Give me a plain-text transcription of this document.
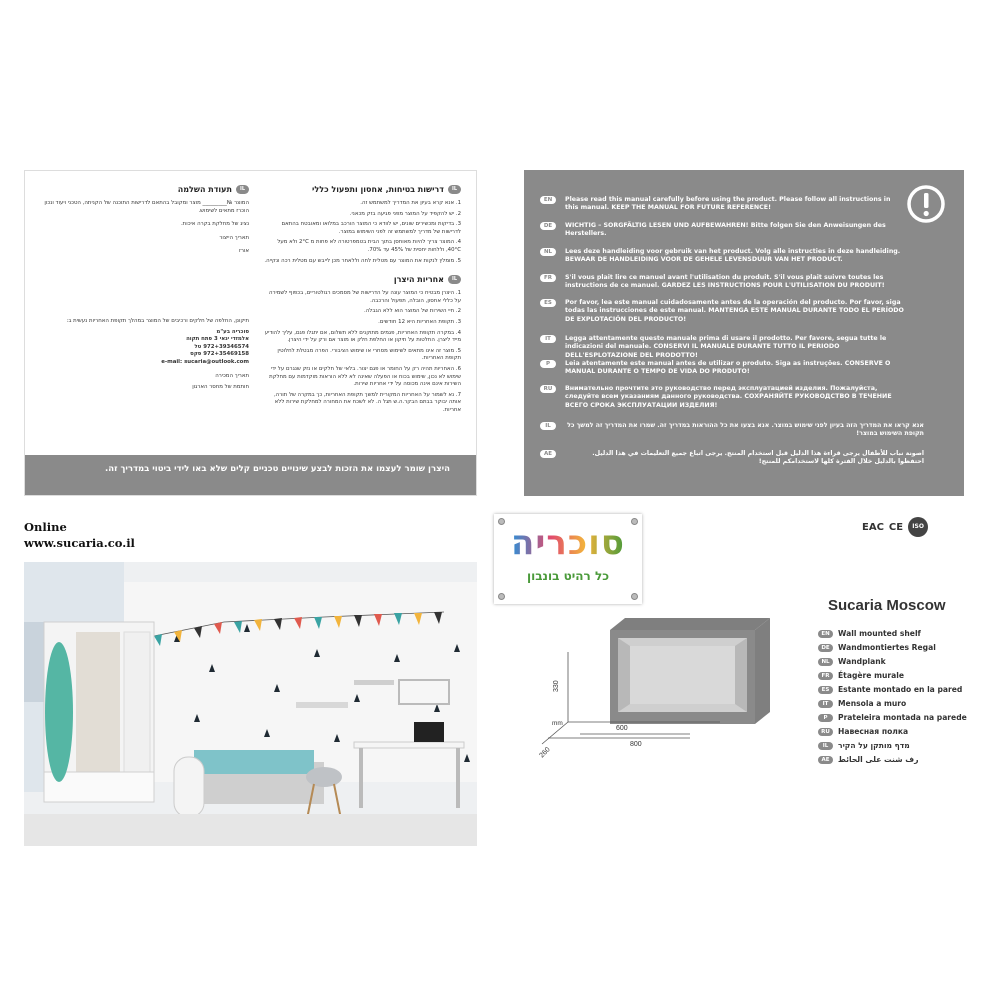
IL
דרישות בטיחות, אחסון ותפעול כללי

1. אנא קרא בעיון את המדריך למשתמש זה.

2. יש להקפיד על המוצר מפני פגיעה בזק מכאני.

3. בדיקות ומכשירים שונים, יש לוודא כי המוצר הורכב במלואו ומאובטח בהתאם לדרישות של מדריך למשתמש זה לפני השימוש במוצר.

4. המוצר צריך להיות מאוחסן בתוך הבית בטמפרטורה לא פחות מ 2°C ולא מעל 40°C, וללחות יחסית של 45% עד 70%.

5. מומלץ לנקות את המוצר עם מטלית לחה וללאחר מכן לייבש עם מטלית רכה ונקייה.

IL
אחריות היצרן

1. היצרן מבטיח כי המוצר עונה על הדרישות של מסמכים רגולטוריים, בכפוף לשמירה על כללי אחסון, הובלה, תפעול והרכבה.

2. חיי השירות של המוצר הוא ללא הגבלה.

3. תקופת האחריות היא 12 חודשים.

4. במקרה תקופת האחריות, פגמים מתוקנים ללא תשלום, אם יתגלו פגם, עליך להודיע מייד ליצרן. החלטות על תיקון או החלפת חלק או מוצר אם ורק על ידי היצרן.

5. מוצר זה אינו מתאים לשימוש מסחרי או שימוש הציבורי. הפרה מבטלת לחלוטין תקופת האחריות.

6. האחריות תהיה רק על החומר או פגם יצור. בלאי של חלקים או נזק שנגרם על ידי שימוש לא נכון, שימוש בכוח או הפעלה שאינה לא ללא הוראות מוקדמות עם מחלקת השירות אינם אינה מכוסה על ידי אחריות שירות.

7. נא לשמור על האחריות המקורית למשך תקופת האחריות, כך במקרה של תורה, אותה יבוקר בבתם הבקר.ה.ש תגל ה. לא לשכח את המחורה למחלקת שירות ללא אחריות.

IL
תעודת השלמה

המוצר №_________ מוצר ומקובל בהתאם לדרישות התוכנה של הקניתה, הטכני ויעוד ונכון הוכרז מתאים לשימוש.

נציג של מחלקת בקרה איכות.

תאריך הייצור

אורז

תיקונן, החלפה של חלקים ורכיבים של המוצר במהלך תקופת האחריות נעשית ב:

סוכריה בע"מ

אלמזדי יגאי 3 פתח תקוה

972+39346574 טל

972+35469158 פקס

e-mail: sucaria@outlook.com

תאריך המכירה

חותמת של מחסר הארגון

היצרן שומר לעצמו את הזכות לבצע שינויים טכניים קלים שלא באו לידי ביטוי במדריך זה.
EN	Please read this manual carefully before using the product. Please follow all instructions in this manual. KEEP THE MANUAL FOR FUTURE REFERENCE!
DE	WICHTIG – SORGFÄLTIG LESEN UND AUFBEWAHREN! Bitte folgen Sie den Anweisungen des Herstellers.
NL	Lees deze handleiding voor gebruik van het product. Volg alle instructies in deze handleiding. BEWAAR DE HANDLEIDING VOOR DE GEHELE LEVENSDUUR VAN HET PRODUCT.
FR	S'il vous plait lire ce manuel avant l'utilisation du produit. S'il vous plait suivre toutes les instructions de ce manuel. GARDEZ LES INSTRUCTIONS POUR L'UTILISATION DU PRODUIT!
ES	Por favor, lea este manual cuidadosamente antes de la operación del producto. Por favor, siga todas las instrucciones de este manual. MANTENGA ESTE MANUAL DURANTE TODO EL PERÍODO DE EXPLOTACIÓN DEL PRODUCTO!
IT	Legga attentamente questo manuale prima di usare il prodotto. Per favore, segua tutte le indicazioni del manuale. CONSERVI IL MANUALE DURANTE TUTTO IL PERIODO DELL'ESPLOTAZIONE DEL PRODOTTO!
P	Leia atentamente este manual antes de utilizar o produto. Siga as instruções. CONSERVE O MANUAL DURANTE O TEMPO DE VIDA DO PRODUTO!
RU	Внимательно прочтите это руководство перед эксплуатацией изделия. Пожалуйста, следуйте всем указаниям данного руководства. СОХРАНЯЙТЕ РУКОВОДСТВО В ТЕЧЕНИЕ ВСЕГО СРОКА ЭКСПЛУАТАЦИИ ИЗДЕЛИЯ!
IL	אנא קראו את המדריך הזה בעיון לפני שימוש במוצר. אנא בצעו את כל ההוראות במדריך זה. שמרו את המדריך זה למשך כל תקופת השימוש במוצר!
AE	اصونة نباب للأطفال يرجى قراءة هذا الدليل قبل استخدام المنتج. يرجى اتباع جميع التعليمات في هذا الدليل. احتفظوا بالدليل خلال الفترة كلها لاستخدامكم للمنتج!
Online
www.sucaria.co.il	סוכריה
כל רהיט בונבון
EAC CE	ISO
330
mm
600
800
260
Sucaria Moscow
EN	Wall mounted shelf
DE	Wandmontiertes Regal
NL	Wandplank
FR	Étagère murale
ES	Estante montado en la pared
IT	Mensola a muro
P	Prateleira montada na parede
RU	Навесная полка
IL	מדף מותקן על הקיר
AE	رف شنت على الحائط
